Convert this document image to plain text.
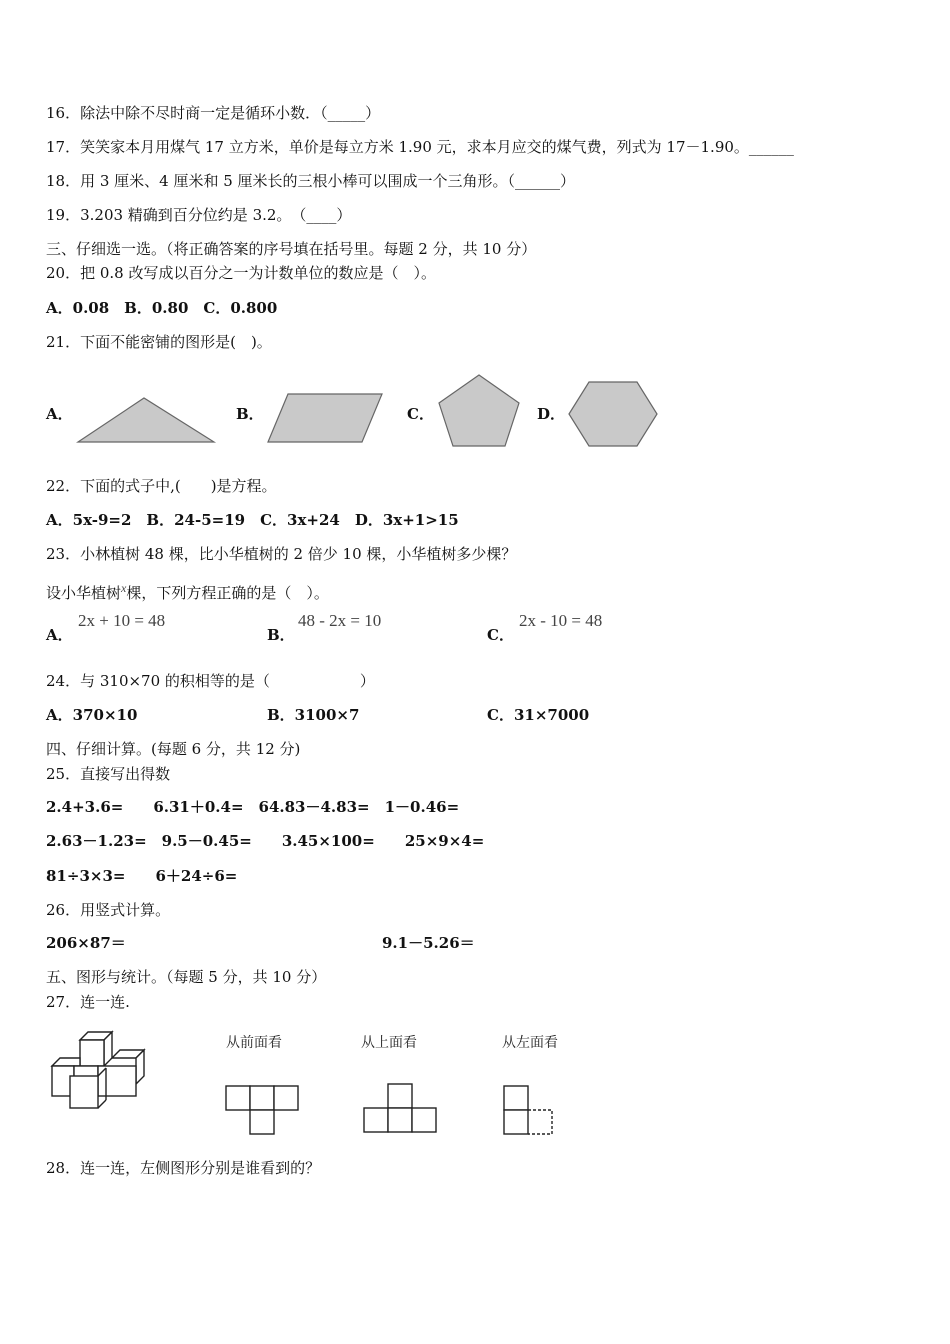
16．除法中除不尽时商一定是循环小数．（_____）
17．笑笑家本月用煤气 17 立方米，单价是每立方米 1.90 元，求本月应交的煤气费，列式为 17－1.90。______
18．用 3 厘米、4 厘米和 5 厘米长的三根小棒可以围成一个三角形。（______）
19．3.203 精确到百分位约是 3.2。　（____）
三、仔细选一选。（将正确答案的序号填在括号里。每题 2 分，共 10 分）
20．把 0.8 改写成以百分之一为计数单位的数应是（　）。
A．0.08　B．0.80　C．0.800
21．下面不能密铺的图形是(　)。
A．	B．	C．	D．
22．下面的式子中,(　　)是方程。
A．5x-9=2　B．24-5=19　C．3x+24　D．3x+1>15
23．小林植树 48 棵，比小华植树的 2 倍少 10 棵，小华植树多少棵？
设小华植树$^x$棵，下列方程正确的是（　）。
A．
2x + 10 = 48
B．
48 - 2x = 10
C．
2x - 10 = 48
24．与 310×70 的积相等的是（　　　　　　）
A．370×10	B．3100×7	C．31×7000
四、仔细计算。(每题 6 分，共 12 分)
25．直接写出得数
2.4+3.6=　　6.31＋0.4=　64.83－4.83=　1－0.46=
2.63－1.23=　9.5－0.45=　　3.45×100=　　25×9×4=
81÷3×3=　　6＋24÷6=
26．用竖式计算。
206×87＝	9.1－5.26＝
五、图形与统计。（每题 5 分，共 10 分）
27．连一连.
从前面看	从上面看	从左面看
28．连一连，左侧图形分别是谁看到的？
